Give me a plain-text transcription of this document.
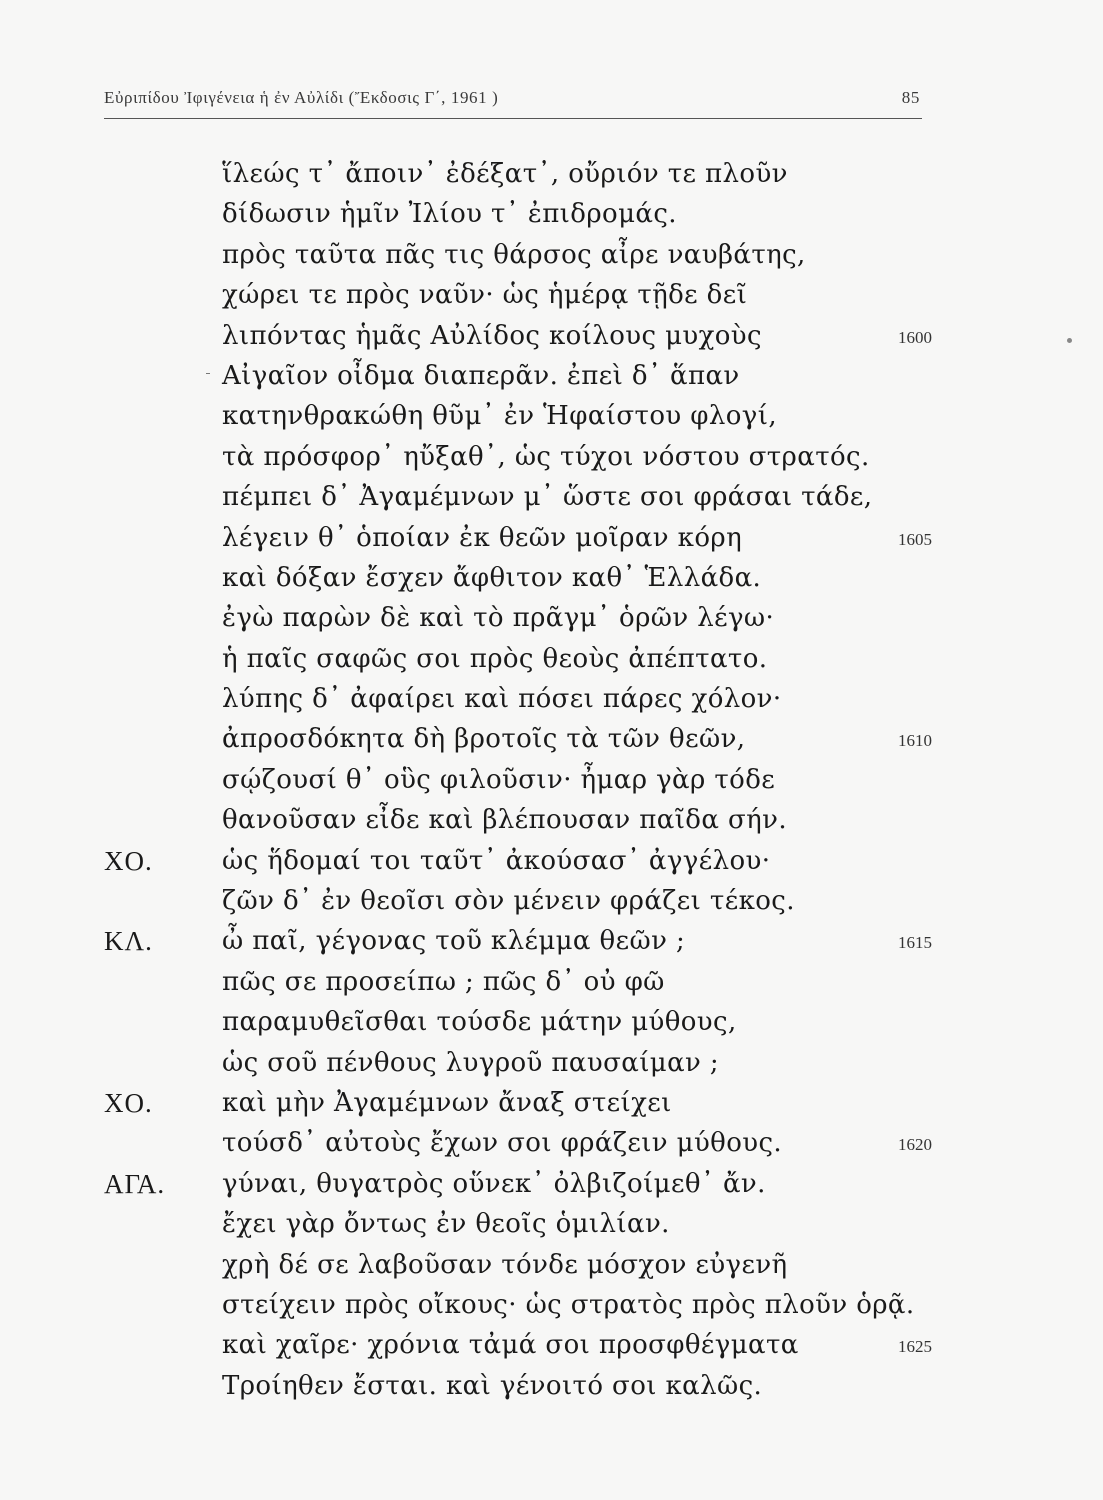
Εὐριπίδου Ἰφιγένεια ἡ ἐν Αὐλίδι (Ἔκδοσις Γ΄, 1961 )	85
ἵλεώς τ᾽ ἄποιν᾽ ἐδέξατ᾽, οὔριόν τε πλοῦν
δίδωσιν ἡμῖν Ἰλίου τ᾽ ἐπιδρομάς.
πρὸς ταῦτα πᾶς τις θάρσος αἶρε ναυβάτης,
χώρει τε πρὸς ναῦν· ὡς ἡμέρᾳ τῇδε δεῖ
λιπόντας ἡμᾶς Αὐλίδος κοίλους μυχοὺς	1600
Αἰγαῖον οἶδμα διαπερᾶν. ἐπεὶ δ᾽ ἅπαν
κατηνθρακώθη θῦμ᾽ ἐν Ἡφαίστου φλογί,
τὰ πρόσφορ᾽ ηὔξαθ᾽, ὡς τύχοι νόστου στρατός.
πέμπει δ᾽ Ἀγαμέμνων μ᾽ ὥστε σοι φράσαι τάδε,
λέγειν θ᾽ ὁποίαν ἐκ θεῶν μοῖραν κόρη	1605
καὶ δόξαν ἔσχεν ἄφθιτον καθ᾽ Ἑλλάδα.
ἐγὼ παρὼν δὲ καὶ τὸ πρᾶγμ᾽ ὁρῶν λέγω·
ἡ παῖς σαφῶς σοι πρὸς θεοὺς ἀπέπτατο.
λύπης δ᾽ ἀφαίρει καὶ πόσει πάρες χόλον·
ἀπροσδόκητα δὴ βροτοῖς τὰ τῶν θεῶν,	1610
σῴζουσί θ᾽ οὓς φιλοῦσιν· ἦμαρ γὰρ τόδε
θανοῦσαν εἶδε καὶ βλέπουσαν παῖδα σήν.
ΧΟ.	ὡς ἥδομαί τοι ταῦτ᾽ ἀκούσασ᾽ ἀγγέλου·
ζῶν δ᾽ ἐν θεοῖσι σὸν μένειν φράζει τέκος.
ΚΛ.	ὦ παῖ, γέγονας τοῦ κλέμμα θεῶν ;	1615
πῶς σε προσείπω ; πῶς δ᾽ οὐ φῶ
παραμυθεῖσθαι τούσδε μάτην μύθους,
ὡς σοῦ πένθους λυγροῦ παυσαίμαν ;
ΧΟ.	καὶ μὴν Ἀγαμέμνων ἄναξ στείχει
τούσδ᾽ αὐτοὺς ἔχων σοι φράζειν μύθους.	1620
ΑΓΑ. γύναι, θυγατρὸς οὕνεκ᾽ ὀλβιζοίμεθ᾽ ἄν.
ἔχει γὰρ ὄντως ἐν θεοῖς ὁμιλίαν.
χρὴ δέ σε λαβοῦσαν τόνδε μόσχον εὐγενῆ
στείχειν πρὸς οἴκους· ὡς στρατὸς πρὸς πλοῦν ὁρᾷ.
καὶ χαῖρε· χρόνια τἀμά σοι προσφθέγματα	1625
Τροίηθεν ἔσται. καὶ γένοιτό σοι καλῶς.
